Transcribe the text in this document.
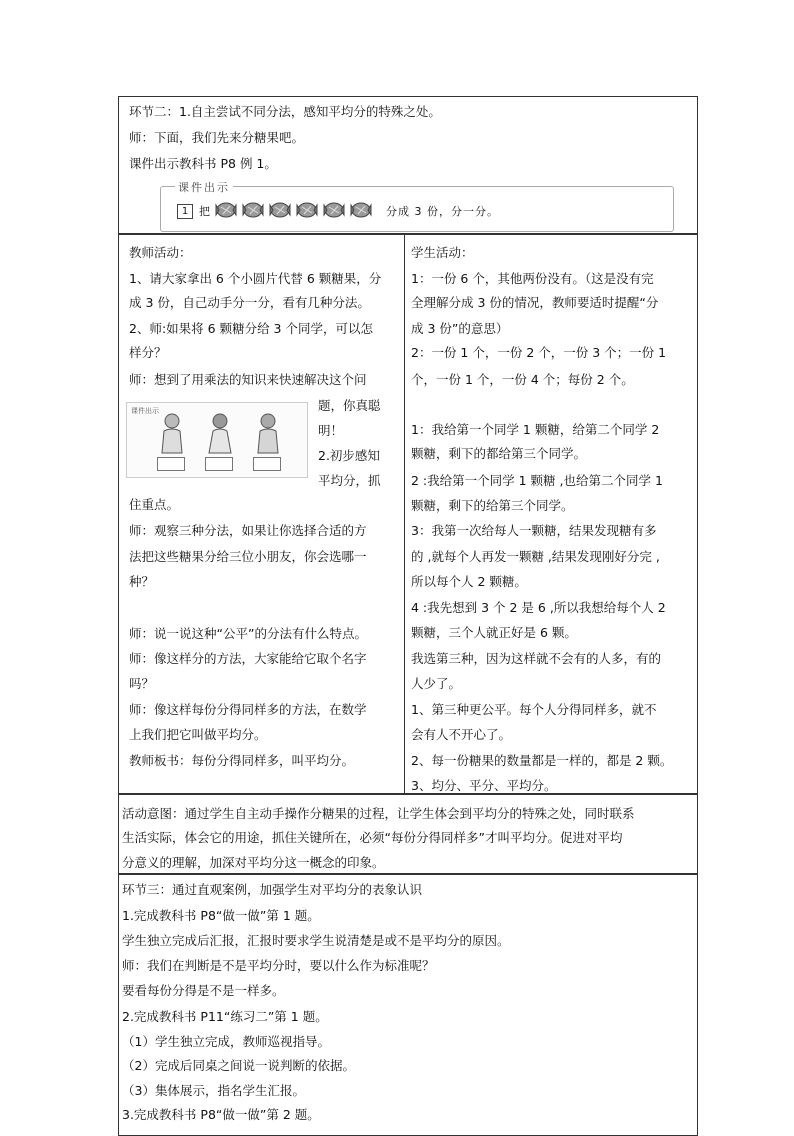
环节二：1.自主尝试不同分法，感知平均分的特殊之处。
师：下面，我们先来分糖果吧。
课件出示教科书 P8 例 1。
课件出示
1 把	分成 3 份，分一分。
教师活动：
1、请大家拿出 6 个小圆片代替 6 颗糖果，分
成 3 份，自己动手分一分，看有几种分法。
2、师:如果将 6 颗糖分给 3 个同学，可以怎
样分？
师：想到了用乘法的知识来快速解决这个问
课件出示	题，你真聪
明！
2.初步感知
平均分，抓
住重点。
师：观察三种分法，如果让你选择合适的方
法把这些糖果分给三位小朋友，你会选哪一
种？
师：说一说这种“公平”的分法有什么特点。
师：像这样分的方法，大家能给它取个名字
吗？
师：像这样每份分得同样多的方法，在数学
上我们把它叫做平均分。
教师板书：每份分得同样多，叫平均分。
学生活动：
1：一份 6 个，其他两份没有。（这是没有完
全理解分成 3 份的情况，教师要适时提醒“分
成 3 份”的意思）
2：一份 1 个，一份 2 个，一份 3 个；一份 1
个，一份 1 个，一份 4 个；每份 2 个。
1：我给第一个同学 1 颗糖，给第二个同学 2
颗糖，剩下的都给第三个同学。
2 :我给第一个同学 1 颗糖 ,也给第二个同学 1
颗糖，剩下的给第三个同学。
3：我第一次给每人一颗糖，结果发现糖有多
的 ,就每个人再发一颗糖 ,结果发现刚好分完 ,
所以每个人 2 颗糖。
4 :我先想到 3 个 2 是 6 ,所以我想给每个人 2
颗糖，三个人就正好是 6 颗。
我选第三种，因为这样就不会有的人多，有的
人少了。
1、第三种更公平。每个人分得同样多，就不
会有人不开心了。
2、每一份糖果的数量都是一样的，都是 2 颗。
3、均分、平分、平均分。
活动意图：通过学生自主动手操作分糖果的过程，让学生体会到平均分的特殊之处，同时联系
生活实际，体会它的用途，抓住关键所在，必须“每份分得同样多”才叫平均分。促进对平均
分意义的理解，加深对平均分这一概念的印象。
环节三：通过直观案例，加强学生对平均分的表象认识
1.完成教科书 P8“做一做”第 1 题。
学生独立完成后汇报，汇报时要求学生说清楚是或不是平均分的原因。
师：我们在判断是不是平均分时，要以什么作为标准呢？
要看每份分得是不是一样多。
2.完成教科书 P11“练习二”第 1 题。
（1）学生独立完成，教师巡视指导。
（2）完成后同桌之间说一说判断的依据。
（3）集体展示，指名学生汇报。
3.完成教科书 P8“做一做”第 2 题。
